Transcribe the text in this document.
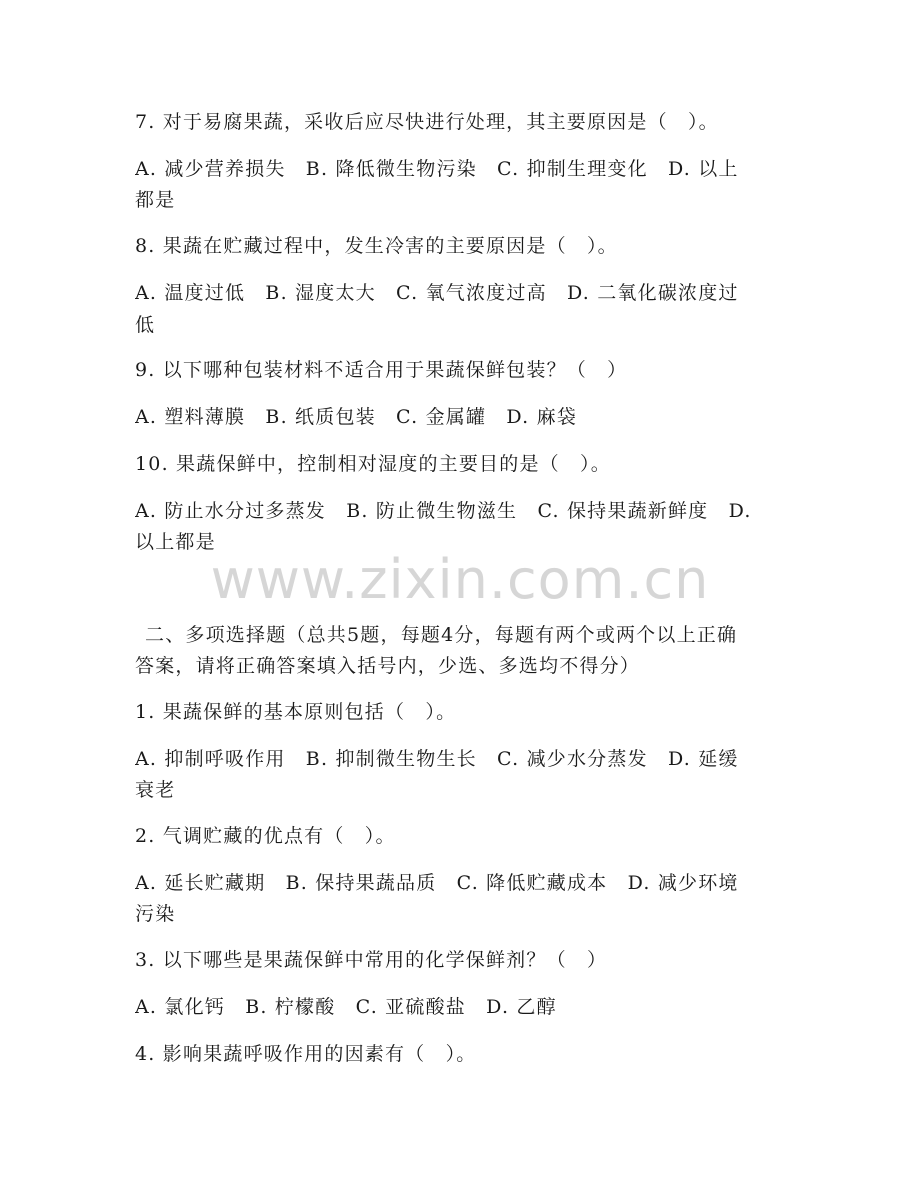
7. 对于易腐果蔬，采收后应尽快进行处理，其主要原因是（　）。
A. 减少营养损失　B. 降低微生物污染　C. 抑制生理变化　D. 以上
都是
8. 果蔬在贮藏过程中，发生冷害的主要原因是（　）。
A. 温度过低　B. 湿度太大　C. 氧气浓度过高　D. 二氧化碳浓度过
低
9. 以下哪种包装材料不适合用于果蔬保鲜包装？（　）
A. 塑料薄膜　B. 纸质包装　C. 金属罐　D. 麻袋
10. 果蔬保鲜中，控制相对湿度的主要目的是（　）。
A. 防止水分过多蒸发　B. 防止微生物滋生　C. 保持果蔬新鲜度　D.
以上都是
www.zixin.com.cn
二、多项选择题（总共5题，每题4分，每题有两个或两个以上正确
答案，请将正确答案填入括号内，少选、多选均不得分）
1. 果蔬保鲜的基本原则包括（　）。
A. 抑制呼吸作用　B. 抑制微生物生长　C. 减少水分蒸发　D. 延缓
衰老
2. 气调贮藏的优点有（　）。
A. 延长贮藏期　B. 保持果蔬品质　C. 降低贮藏成本　D. 减少环境
污染
3. 以下哪些是果蔬保鲜中常用的化学保鲜剂？（　）
A. 氯化钙　B. 柠檬酸　C. 亚硫酸盐　D. 乙醇
4. 影响果蔬呼吸作用的因素有（　）。
